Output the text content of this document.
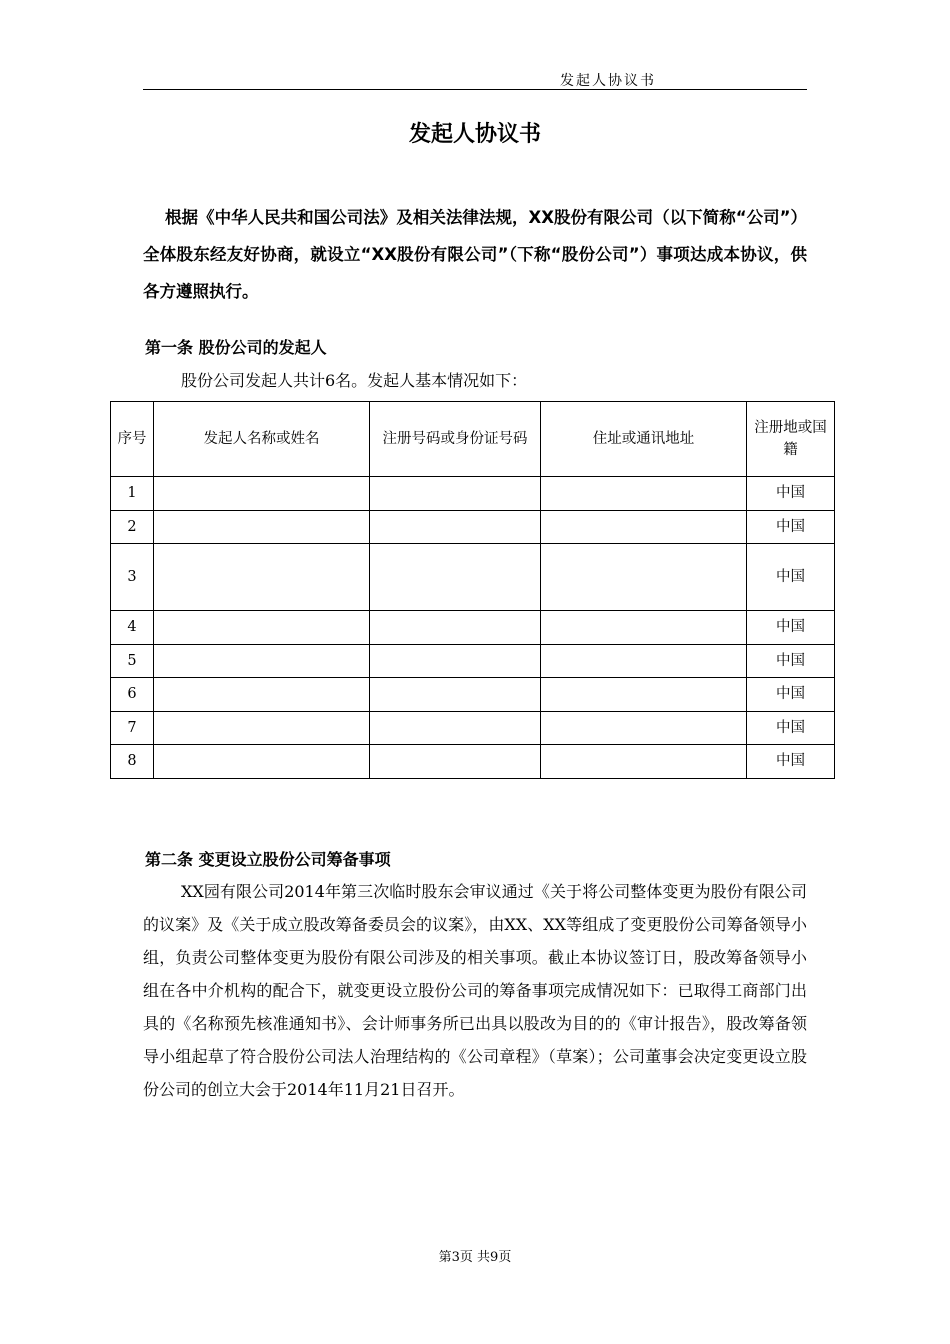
发起人协议书
发起人协议书
根据《中华人民共和国公司法》及相关法律法规，XX股份有限公司（以下简称“公司”）全体股东经友好协商，就设立“XX股份有限公司”（下称“股份公司”）事项达成本协议，供各方遵照执行。
第一条 股份公司的发起人
股份公司发起人共计6名。发起人基本情况如下：
序号	发起人名称或姓名	注册号码或身份证号码	住址或通讯地址	注册地或国籍
1				中国
2				中国
3				中国
4				中国
5				中国
6				中国
7				中国
8				中国
第二条 变更设立股份公司筹备事项
XX园有限公司2014年第三次临时股东会审议通过《关于将公司整体变更为股份有限公司的议案》及《关于成立股改筹备委员会的议案》，由XX、XX等组成了变更股份公司筹备领导小组，负责公司整体变更为股份有限公司涉及的相关事项。截止本协议签订日，股改筹备领导小组在各中介机构的配合下，就变更设立股份公司的筹备事项完成情况如下：已取得工商部门出具的《名称预先核准通知书》、会计师事务所已出具以股改为目的的《审计报告》，股改筹备领导小组起草了符合股份公司法人治理结构的《公司章程》（草案）；公司董事会决定变更设立股份公司的创立大会于2014年11月21日召开。
第3页 共9页
